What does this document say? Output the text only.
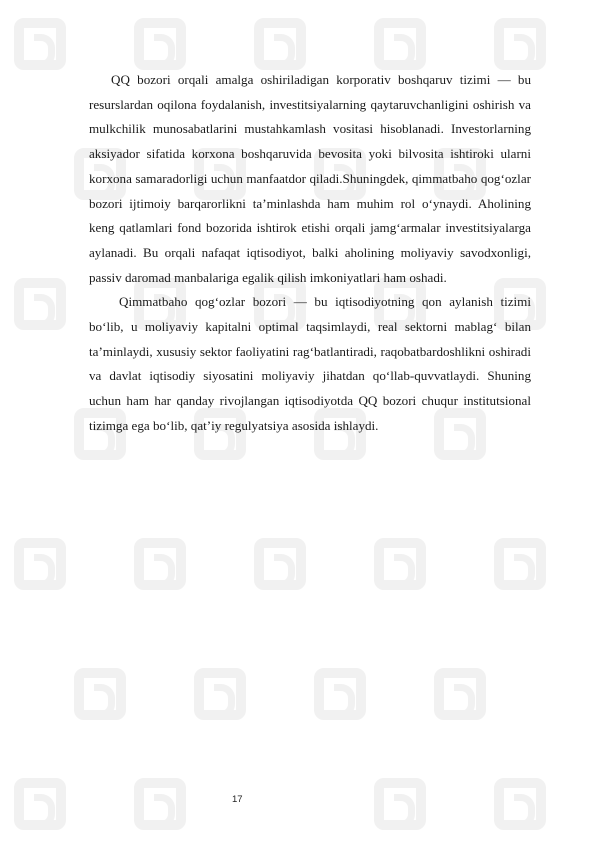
QQ bozori orqali amalga oshiriladigan korporativ boshqaruv tizimi — bu resurslardan oqilona foydalanish, investitsiyalarning qaytaruvchanligini oshirish va mulkchilik munosabatlarini mustahkamlash vositasi hisoblanadi. Investorlarning aksiyador sifatida korxona boshqaruvida bevosita yoki bilvosita ishtiroki ularni korxona samaradorligi uchun manfaatdor qiladi.Shuningdek, qimmatbaho qog‘ozlar bozori ijtimoiy barqarorlikni ta’minlashda ham muhim rol o‘ynaydi. Aholining keng qatlamlari fond bozorida ishtirok etishi orqali jamg‘armalar investitsiyalarga aylanadi. Bu orqali nafaqat iqtisodiyot, balki aholining moliyaviy savodxonligi, passiv daromad manbalariga egalik qilish imkoniyatlari ham oshadi.

Qimmatbaho qog‘ozlar bozori — bu iqtisodiyotning qon aylanish tizimi bo‘lib, u moliyaviy kapitalni optimal taqsimlaydi, real sektorni mablag‘ bilan ta’minlaydi, xususiy sektor faoliyatini rag‘batlantiradi, raqobatbardoshlikni oshiradi va davlat iqtisodiy siyosatini moliyaviy jihatdan qo‘llab-quvvatlaydi. Shuning uchun ham har qanday rivojlangan iqtisodiyotda QQ bozori chuqur institutsional tizimga ega bo‘lib, qat’iy regulyatsiya asosida ishlaydi.

17
